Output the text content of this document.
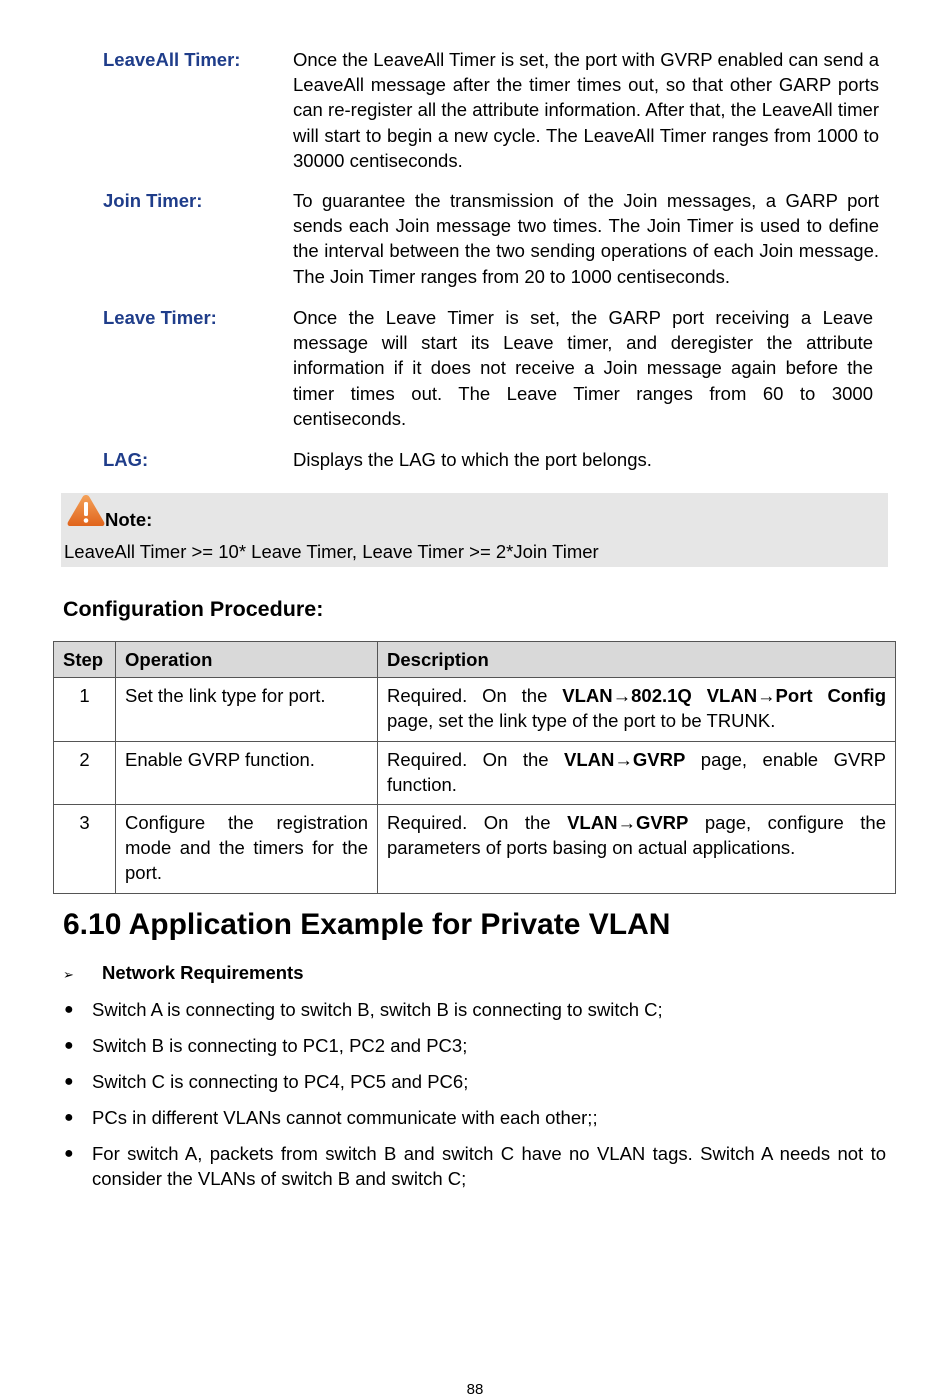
LeaveAll Timer:	Once the LeaveAll Timer is set, the port with GVRP enabled can send a LeaveAll message after the timer times out, so that other GARP ports can re-register all the attribute information. After that, the LeaveAll timer will start to begin a new cycle. The LeaveAll Timer ranges from 1000 to 30000 centiseconds.
Join Timer:	To guarantee the transmission of the Join messages, a GARP port sends each Join message two times. The Join Timer is used to define the interval between the two sending operations of each Join message. The Join Timer ranges from 20 to 1000 centiseconds.
Leave Timer:	Once the Leave Timer is set, the GARP port receiving a Leave message will start its Leave timer, and deregister the attribute information if it does not receive a Join message again before the timer times out. The Leave Timer ranges from 60 to 3000 centiseconds.
LAG:	Displays the LAG to which the port belongs.
Note:
LeaveAll Timer >= 10* Leave Timer, Leave Timer >= 2*Join Timer
Configuration Procedure:
Step	Operation	Description
1	Set the link type for port.	Required. On the VLAN→802.1Q VLAN→Port Config page, set the link type of the port to be TRUNK.
2	Enable GVRP function.	Required. On the VLAN→GVRP page, enable GVRP function.
3	Configure the registration mode and the timers for the port.	Required. On the VLAN→GVRP page, configure the parameters of ports basing on actual applications.
6.10 Application Example for Private VLAN
➢ Network Requirements
● Switch A is connecting to switch B, switch B is connecting to switch C;
● Switch B is connecting to PC1, PC2 and PC3;
● Switch C is connecting to PC4, PC5 and PC6;
● PCs in different VLANs cannot communicate with each other;;
● For switch A, packets from switch B and switch C have no VLAN tags. Switch A needs not to consider the VLANs of switch B and switch C;
88
